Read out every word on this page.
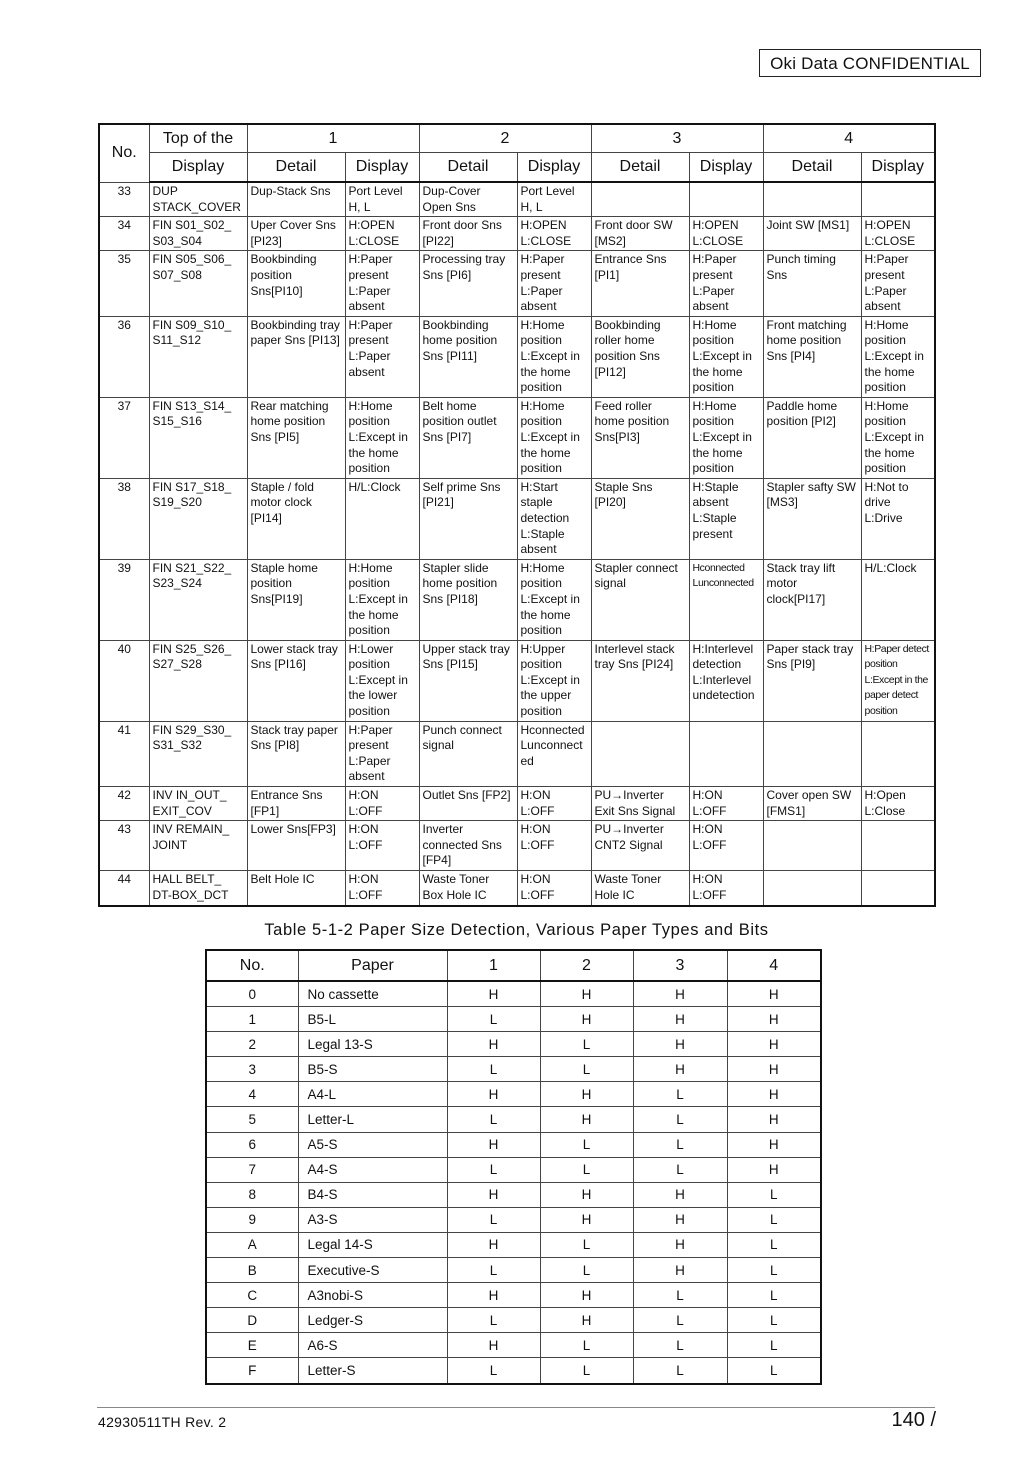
Oki Data CONFIDENTIAL
No.	Top of the	1		2		3		4	
	Display	Detail	Display	Detail	Display	Detail	Display	Detail	Display
33	DUP STACK_COVER	Dup-Stack Sns	Port Level H, L	Dup-Cover Open Sns	Port Level H, L				
34	FIN S01_S02_ S03_S04	Uper Cover Sns [PI23]	H:OPEN L:CLOSE	Front door Sns [PI22]	H:OPEN L:CLOSE	Front door SW [MS2]	H:OPEN L:CLOSE	Joint SW [MS1]	H:OPEN L:CLOSE
35	FIN S05_S06_ S07_S08	Bookbinding position Sns[PI10]	H:Paper present L:Paper absent	Processing tray Sns [PI6]	H:Paper present L:Paper absent	Entrance Sns [PI1]	H:Paper present L:Paper absent	Punch timing Sns	H:Paper present L:Paper absent
36	FIN S09_S10_ S11_S12	Bookbinding tray paper Sns [PI13]	H:Paper present L:Paper absent	Bookbinding home position Sns [PI11]	H:Home position L:Except in the home position	Bookbinding roller home position Sns [PI12]	H:Home position L:Except in the home position	Front matching home position Sns [PI4]	H:Home position L:Except in the home position
37	FIN S13_S14_ S15_S16	Rear matching home position Sns [PI5]	H:Home position L:Except in the home position	Belt home position outlet Sns [PI7]	H:Home position L:Except in the home position	Feed roller home position Sns[PI3]	H:Home position L:Except in the home position	Paddle home position [PI2]	H:Home position L:Except in the home position
38	FIN S17_S18_ S19_S20	Staple / fold motor clock [PI14]	H/L:Clock	Self prime Sns [PI21]	H:Start staple detection L:Staple absent	Staple Sns [PI20]	H:Staple absent L:Staple present	Stapler safty SW [MS3]	H:Not to drive L:Drive
39	FIN S21_S22_ S23_S24	Staple home position Sns[PI19]	H:Home position L:Except in the home position	Stapler slide home position Sns [PI18]	H:Home position L:Except in the home position	Stapler connect signal	Hconnected Lunconnected	Stack tray lift motor clock[PI17]	H/L:Clock
40	FIN S25_S26_ S27_S28	Lower stack tray Sns [PI16]	H:Lower position L:Except in the lower position	Upper stack tray Sns [PI15]	H:Upper position L:Except in the upper position	Interlevel stack tray Sns [PI24]	H:Interlevel detection L:Interlevel undetection	Paper stack tray Sns [PI9]	H:Paper detect position L:Except in the paper detect position
41	FIN S29_S30_ S31_S32	Stack tray paper Sns [PI8]	H:Paper present L:Paper absent	Punch connect signal	Hconnected Lunconnected				
42	INV IN_OUT_ EXIT_COV	Entrance Sns [FP1]	H:ON L:OFF	Outlet Sns [FP2]	H:ON L:OFF	PU→Inverter Exit Sns Signal	H:ON L:OFF	Cover open SW [FMS1]	H:Open L:Close
43	INV REMAIN_ JOINT	Lower Sns[FP3]	H:ON L:OFF	Inverter connected Sns [FP4]	H:ON L:OFF	PU→Inverter CNT2 Signal	H:ON L:OFF		
44	HALL BELT_ DT-BOX_DCT	Belt Hole IC	H:ON L:OFF	Waste Toner Box Hole IC	H:ON L:OFF	Waste Toner Hole IC	H:ON L:OFF		
Table 5-1-2 Paper Size Detection, Various Paper Types and Bits
No.	Paper	1	2	3	4
0	No cassette	H	H	H	H
1	B5-L	L	H	H	H
2	Legal 13-S	H	L	H	H
3	B5-S	L	L	H	H
4	A4-L	H	H	L	H
5	Letter-L	L	H	L	H
6	A5-S	H	L	L	H
7	A4-S	L	L	L	H
8	B4-S	H	H	H	L
9	A3-S	L	H	H	L
A	Legal 14-S	H	L	H	L
B	Executive-S	L	L	H	L
C	A3nobi-S	H	H	L	L
D	Ledger-S	L	H	L	L
E	A6-S	H	L	L	L
F	Letter-S	L	L	L	L
42930511TH Rev. 2	140 /
